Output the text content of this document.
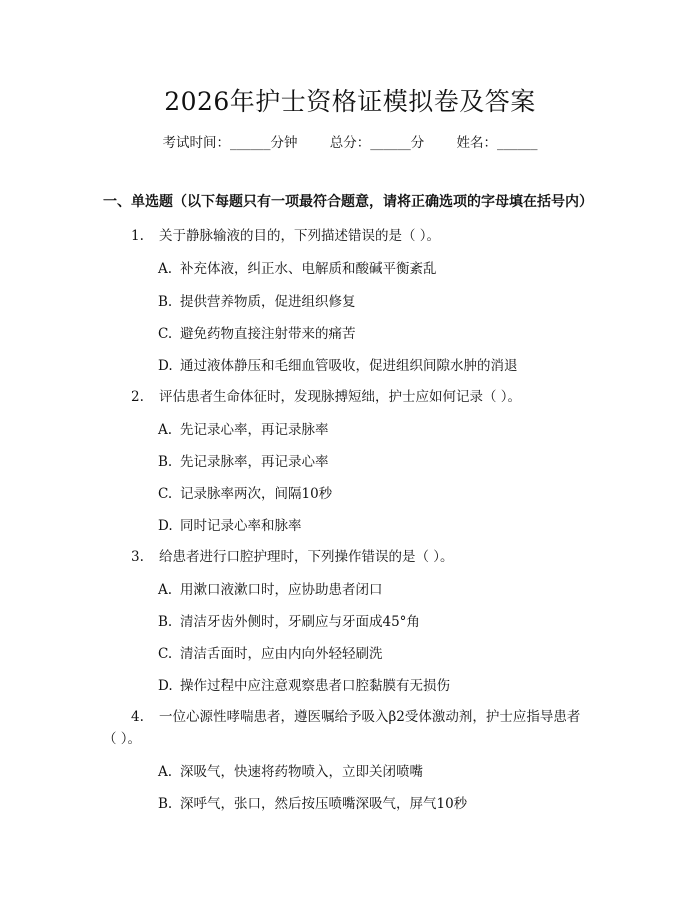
2026年护士资格证模拟卷及答案
考试时间：______分钟 总分：______分 姓名：______
一、单选题（以下每题只有一项最符合题意，请将正确选项的字母填在括号内）
1. 关于静脉输液的目的，下列描述错误的是（ ）。
A. 补充体液，纠正水、电解质和酸碱平衡紊乱
B. 提供营养物质，促进组织修复
C. 避免药物直接注射带来的痛苦
D. 通过液体静压和毛细血管吸收，促进组织间隙水肿的消退
2. 评估患者生命体征时，发现脉搏短绌，护士应如何记录（ ）。
A. 先记录心率，再记录脉率
B. 先记录脉率，再记录心率
C. 记录脉率两次，间隔10秒
D. 同时记录心率和脉率
3. 给患者进行口腔护理时，下列操作错误的是（ ）。
A. 用漱口液漱口时，应协助患者闭口
B. 清洁牙齿外侧时，牙刷应与牙面成45°角
C. 清洁舌面时，应由内向外轻轻刷洗
D. 操作过程中应注意观察患者口腔黏膜有无损伤
4. 一位心源性哮喘患者，遵医嘱给予吸入β2受体激动剂，护士应指导患者
（ ）。
A. 深吸气，快速将药物喷入，立即关闭喷嘴
B. 深呼气，张口，然后按压喷嘴深吸气，屏气10秒
